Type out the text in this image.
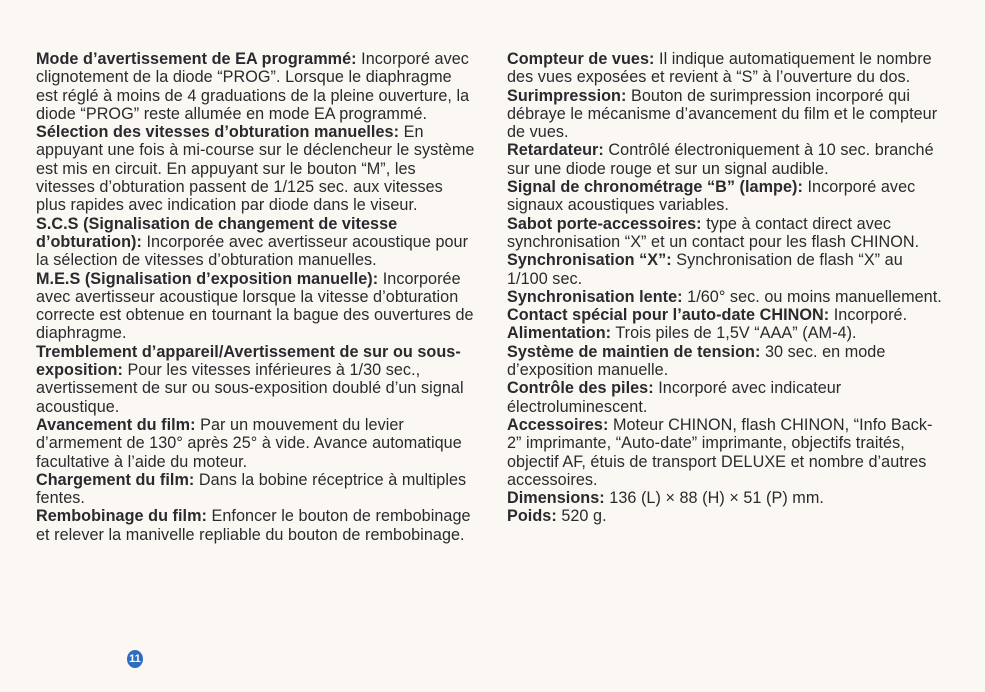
Mode d’avertissement de EA programmé: Incorporé avec clignotement de la diode “PROG”. Lorsque le diaphragme est réglé à moins de 4 graduations de la pleine ouverture, la diode “PROG” reste allumée en mode EA programmé.

Sélection des vitesses d’obturation manuelles: En appuyant une fois à mi-course sur le déclencheur le système est mis en circuit. En appuyant sur le bouton “M”, les vitesses d’obturation passent de 1/125 sec. aux vitesses plus rapides avec indication par diode dans le viseur.

S.C.S (Signalisation de changement de vitesse d’obturation): Incorporée avec avertisseur acoustique pour la sélection de vitesses d’obturation manuelles.

M.E.S (Signalisation d’exposition manuelle): Incorporée avec avertisseur acoustique lorsque la vitesse d’obturation correcte est obtenue en tournant la bague des ouvertures de diaphragme.

Tremblement d’appareil/Avertissement de sur ou sous-exposition: Pour les vitesses inférieures à 1/30 sec., avertissement de sur ou sous-exposition doublé d’un signal acoustique.

Avancement du film: Par un mouvement du levier d’armement de 130° après 25° à vide. Avance automatique facultative à l’aide du moteur.

Chargement du film: Dans la bobine réceptrice à multiples fentes.

Rembobinage du film: Enfoncer le bouton de rembobinage et relever la manivelle repliable du bouton de rembobinage.

Compteur de vues: Il indique automatiquement le nombre des vues exposées et revient à “S” à l’ouverture du dos.

Surimpression: Bouton de surimpression incorporé qui débraye le mécanisme d’avancement du film et le compteur de vues.

Retardateur: Contrôlé électroniquement à 10 sec. branché sur une diode rouge et sur un signal audible.

Signal de chronométrage “B” (lampe): Incorporé avec signaux acoustiques variables.

Sabot porte-accessoires: type à contact direct avec synchronisation “X” et un contact pour les flash CHINON.

Synchronisation “X”: Synchronisation de flash “X” au 1/100 sec.

Synchronisation lente: 1/60° sec. ou moins manuellement.

Contact spécial pour l’auto-date CHINON: Incorporé.

Alimentation: Trois piles de 1,5V “AAA” (AM-4).

Système de maintien de tension: 30 sec. en mode d’exposition manuelle.

Contrôle des piles: Incorporé avec indicateur électroluminescent.

Accessoires: Moteur CHINON, flash CHINON, “Info Back-2” imprimante, “Auto-date” imprimante, objectifs traités, objectif AF, étuis de transport DELUXE et nombre d’autres accessoires.

Dimensions: 136 (L) × 88 (H) × 51 (P) mm.

Poids: 520 g.

11
